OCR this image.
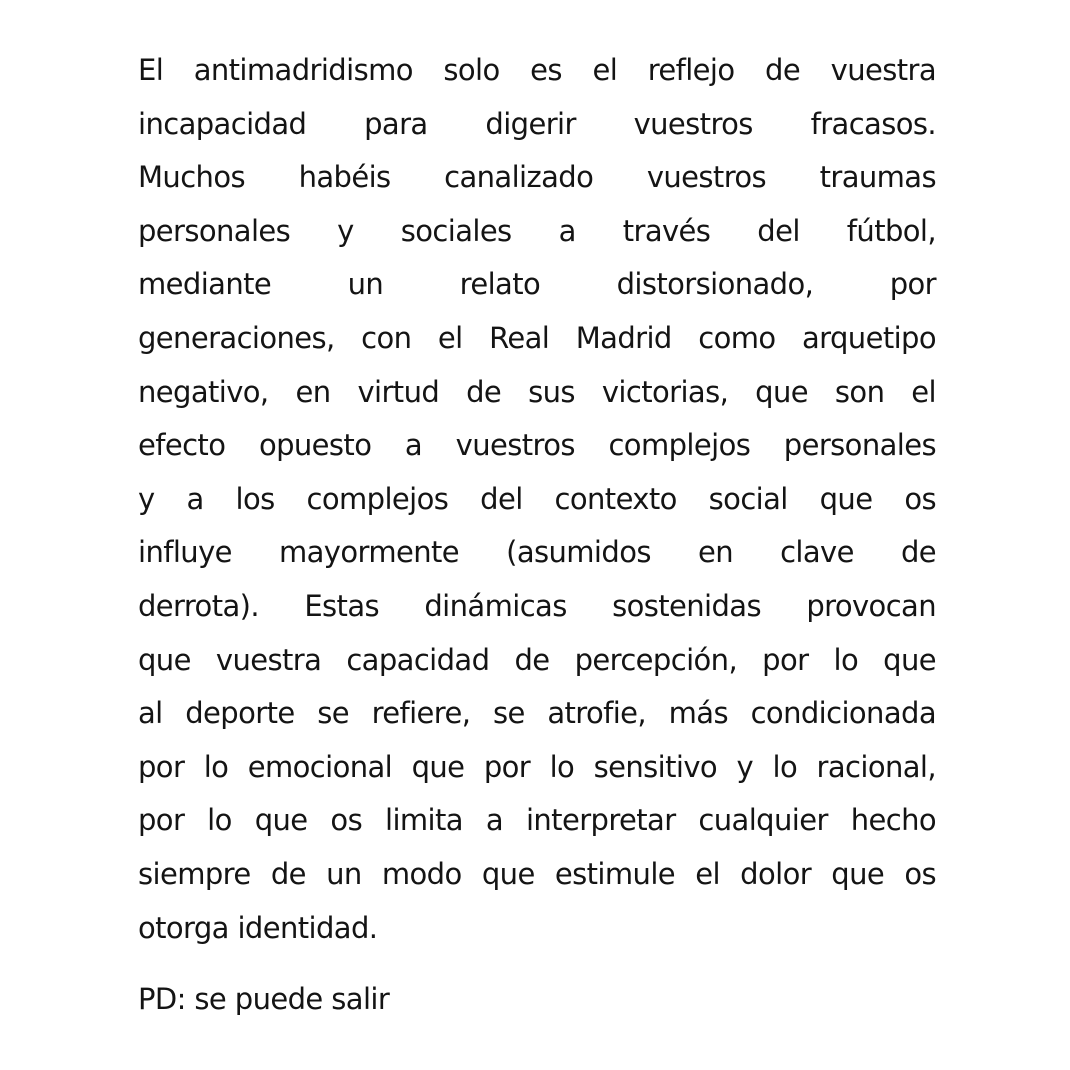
El antimadridismo solo es el reflejo de vuestra
incapacidad para digerir vuestros fracasos.
Muchos habéis canalizado vuestros traumas
personales y sociales a través del fútbol,
mediante un relato distorsionado, por
generaciones, con el Real Madrid como arquetipo
negativo, en virtud de sus victorias, que son el
efecto opuesto a vuestros complejos personales
y a los complejos del contexto social que os
influye mayormente (asumidos en clave de
derrota). Estas dinámicas sostenidas provocan
que vuestra capacidad de percepción, por lo que
al deporte se refiere, se atrofie, más condicionada
por lo emocional que por lo sensitivo y lo racional,
por lo que os limita a interpretar cualquier hecho
siempre de un modo que estimule el dolor que os
otorga identidad.
PD: se puede salir
